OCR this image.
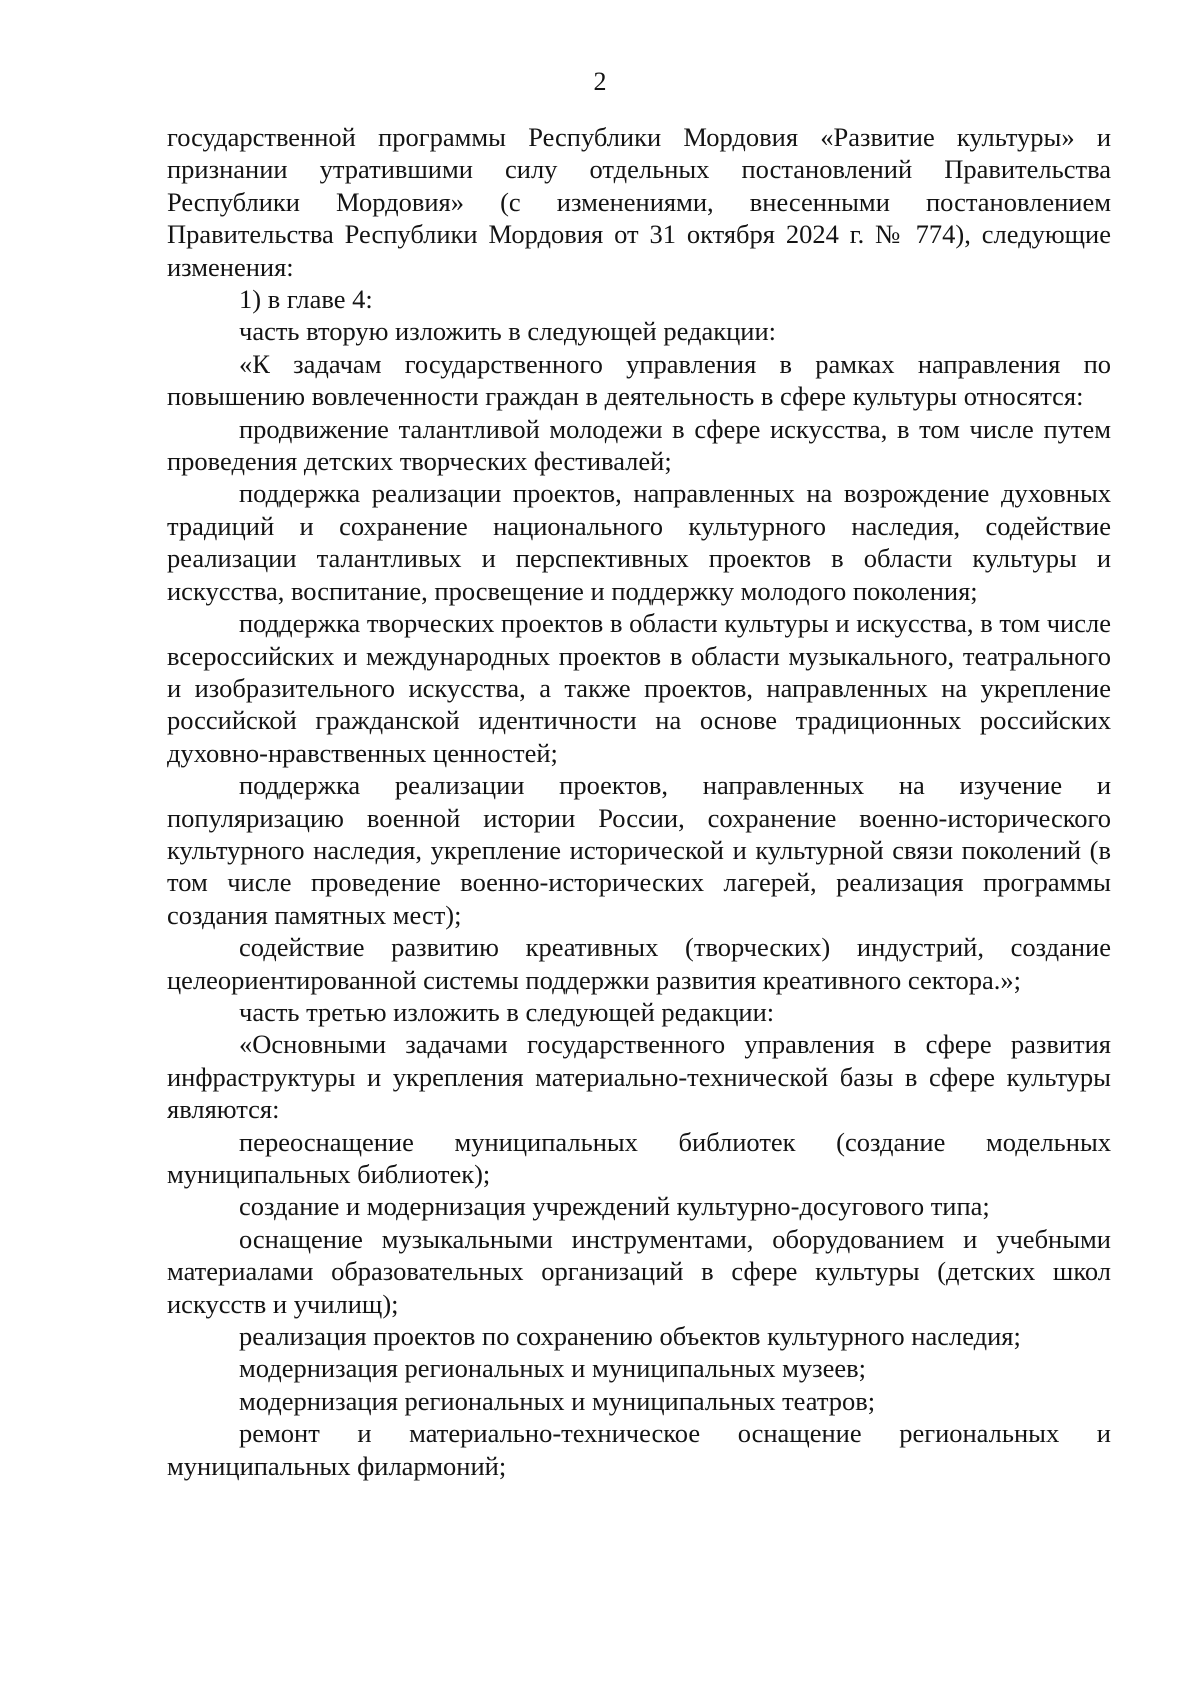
2

государственной программы Республики Мордовия «Развитие культуры» и признании утратившими силу отдельных постановлений Правительства Республики Мордовия» (с изменениями, внесенными постановлением Правительства Республики Мордовия от 31 октября 2024 г. № 774), следующие изменения:

1) в главе 4:

часть вторую изложить в следующей редакции:

«К задачам государственного управления в рамках направления по повышению вовлеченности граждан в деятельность в сфере культуры относятся:

продвижение талантливой молодежи в сфере искусства, в том числе путем проведения детских творческих фестивалей;

поддержка реализации проектов, направленных на возрождение духовных традиций и сохранение национального культурного наследия, содействие реализации талантливых и перспективных проектов в области культуры и искусства, воспитание, просвещение и поддержку молодого поколения;

поддержка творческих проектов в области культуры и искусства, в том числе всероссийских и международных проектов в области музыкального, театрального и изобразительного искусства, а также проектов, направленных на укрепление российской гражданской идентичности на основе традиционных российских духовно-нравственных ценностей;

поддержка реализации проектов, направленных на изучение и популяризацию военной истории России, сохранение военно-исторического культурного наследия, укрепление исторической и культурной связи поколений (в том числе проведение военно-исторических лагерей, реализация программы создания памятных мест);

содействие развитию креативных (творческих) индустрий, создание целеориентированной системы поддержки развития креативного сектора.»;

часть третью изложить в следующей редакции:

«Основными задачами государственного управления в сфере развития инфраструктуры и укрепления материально-технической базы в сфере культуры являются:

переоснащение муниципальных библиотек (создание модельных муниципальных библиотек);

создание и модернизация учреждений культурно-досугового типа;

оснащение музыкальными инструментами, оборудованием и учебными материалами образовательных организаций в сфере культуры (детских школ искусств и училищ);

реализация проектов по сохранению объектов культурного наследия;

модернизация региональных и муниципальных музеев;

модернизация региональных и муниципальных театров;

ремонт и материально-техническое оснащение региональных и муниципальных филармоний;
